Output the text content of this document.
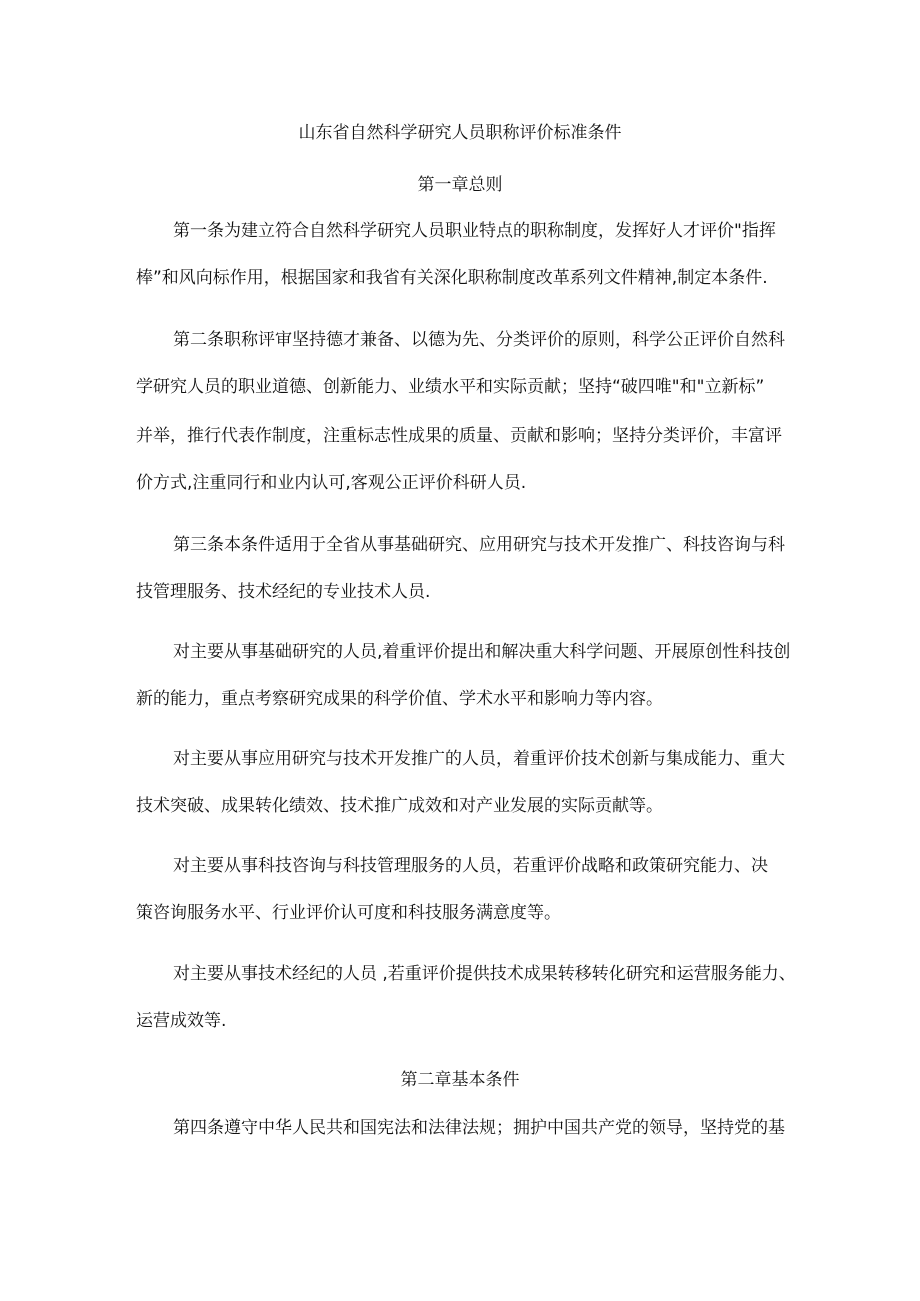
山东省自然科学研究人员职称评价标准条件
第一章总则
第一条为建立符合自然科学研究人员职业特点的职称制度，发挥好人才评价"指挥
棒”和风向标作用，根据国家和我省有关深化职称制度改革系列文件精神,制定本条件.
第二条职称评审坚持德才兼备、以德为先、分类评价的原则，科学公正评价自然科
学研究人员的职业道德、创新能力、业绩水平和实际贡献；坚持“破四唯"和"立新标”
并举，推行代表作制度，注重标志性成果的质量、贡献和影响；坚持分类评价，丰富评
价方式,注重同行和业内认可,客观公正评价科研人员.
第三条本条件适用于全省从事基础研究、应用研究与技术开发推广、科技咨询与科
技管理服务、技术经纪的专业技术人员.
对主要从事基础研究的人员,着重评价提出和解决重大科学问题、开展原创性科技创
新的能力，重点考察研究成果的科学价值、学术水平和影响力等内容。
对主要从事应用研究与技术开发推广的人员，着重评价技术创新与集成能力、重大
技术突破、成果转化绩效、技术推广成效和对产业发展的实际贡献等。
对主要从事科技咨询与科技管理服务的人员，若重评价战略和政策研究能力、决
策咨询服务水平、行业评价认可度和科技服务满意度等。
对主要从事技术经纪的人员 ,若重评价提供技术成果转移转化研究和运营服务能力、
运营成效等.
第二章基本条件
第四条遵守中华人民共和国宪法和法律法规；拥护中国共产党的领导，坚持党的基
